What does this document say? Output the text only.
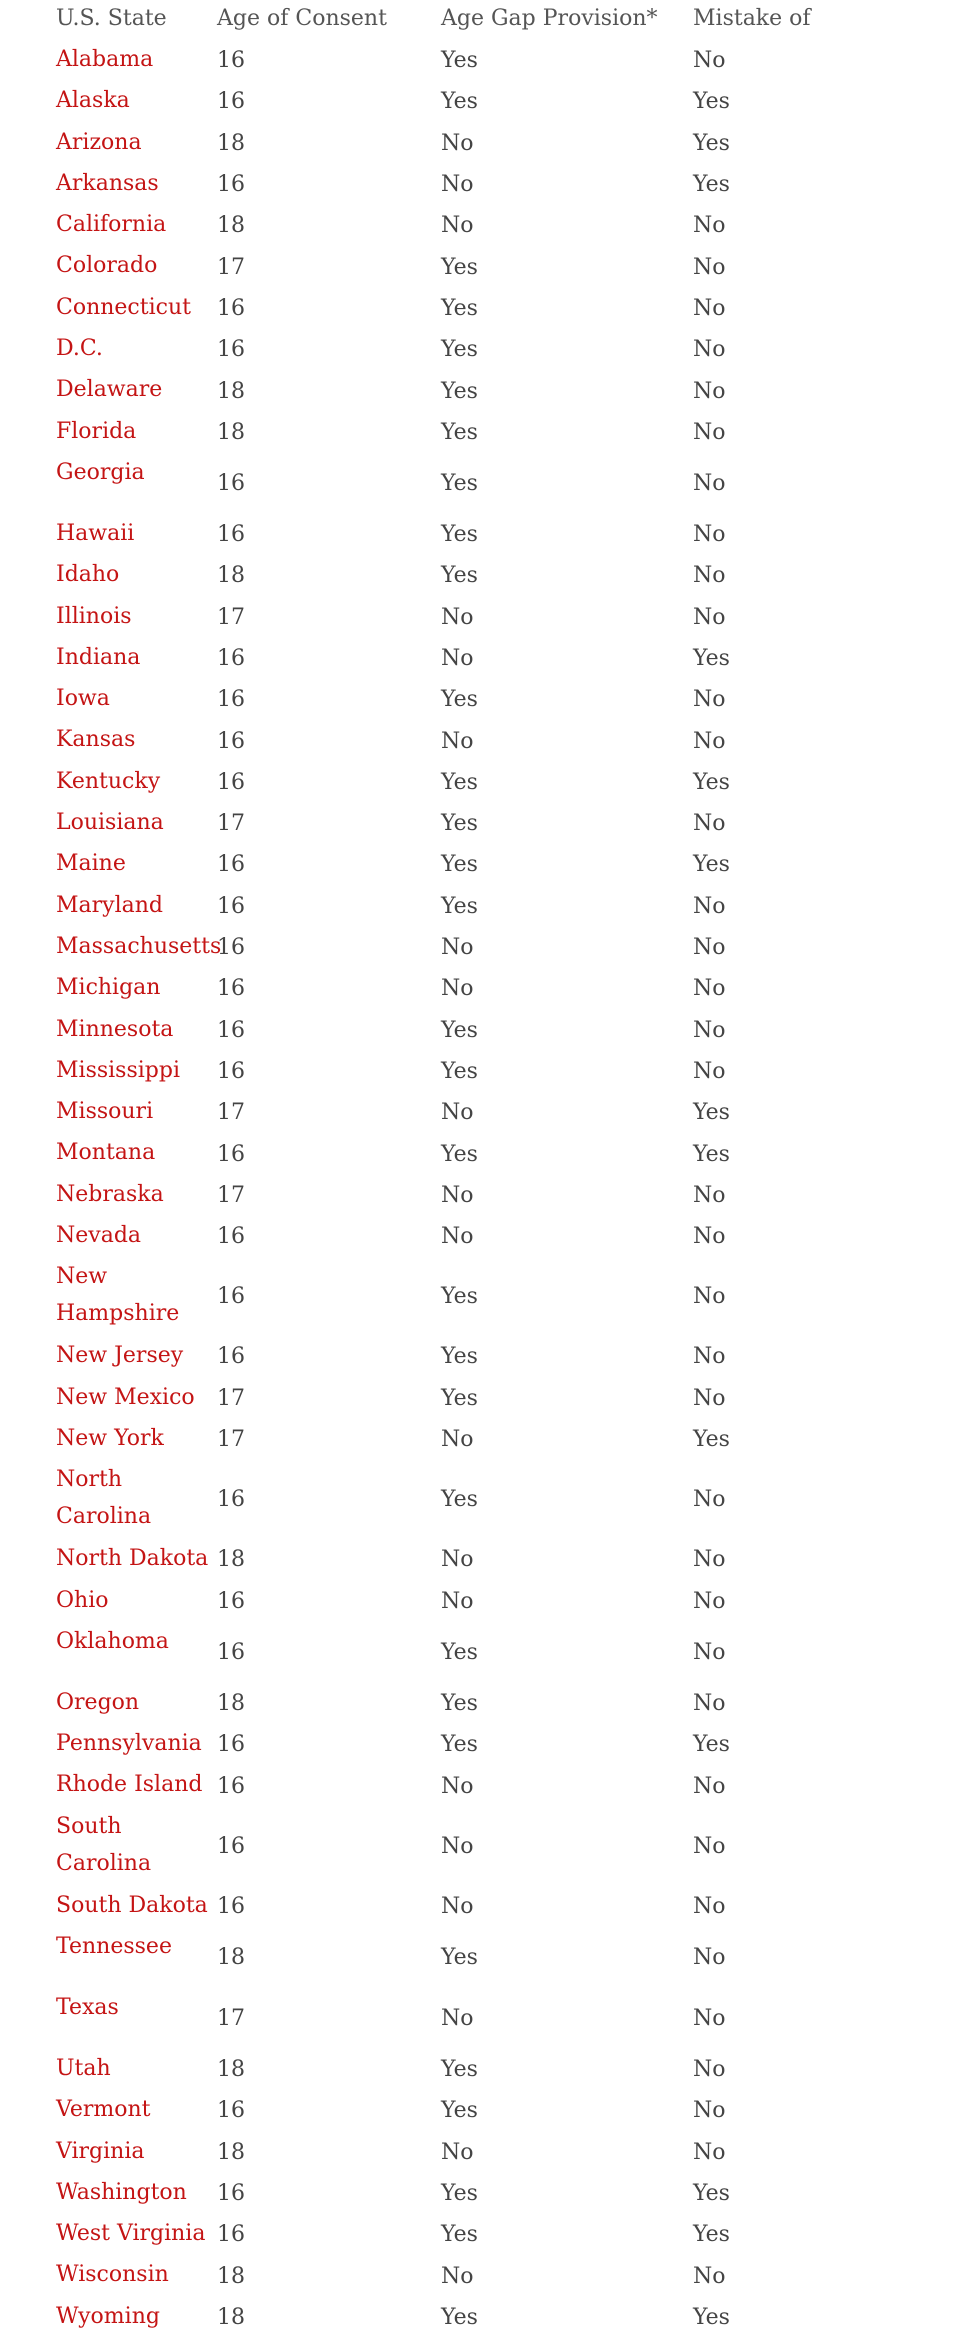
U.S. State	Age of Consent	Age Gap Provision*	Mistake of
Alabama	16	Yes	No
Alaska	16	Yes	Yes
Arizona	18	No	Yes
Arkansas	16	No	Yes
California	18	No	No
Colorado	17	Yes	No
Connecticut	16	Yes	No
D.C.	16	Yes	No
Delaware	18	Yes	No
Florida	18	Yes	No
Georgia	16	Yes	No
Hawaii	16	Yes	No
Idaho	18	Yes	No
Illinois	17	No	No
Indiana	16	No	Yes
Iowa	16	Yes	No
Kansas	16	No	No
Kentucky	16	Yes	Yes
Louisiana	17	Yes	No
Maine	16	Yes	Yes
Maryland	16	Yes	No
Massachusetts	16	No	No
Michigan	16	No	No
Minnesota	16	Yes	No
Mississippi	16	Yes	No
Missouri	17	No	Yes
Montana	16	Yes	Yes
Nebraska	17	No	No
Nevada	16	No	No
New Hampshire	16	Yes	No
New Jersey	16	Yes	No
New Mexico	17	Yes	No
New York	17	No	Yes
North Carolina	16	Yes	No
North Dakota	18	No	No
Ohio	16	No	No
Oklahoma	16	Yes	No
Oregon	18	Yes	No
Pennsylvania	16	Yes	Yes
Rhode Island	16	No	No
South Carolina	16	No	No
South Dakota	16	No	No
Tennessee	18	Yes	No
Texas	17	No	No
Utah	18	Yes	No
Vermont	16	Yes	No
Virginia	18	No	No
Washington	16	Yes	Yes
West Virginia	16	Yes	Yes
Wisconsin	18	No	No
Wyoming	18	Yes	Yes
